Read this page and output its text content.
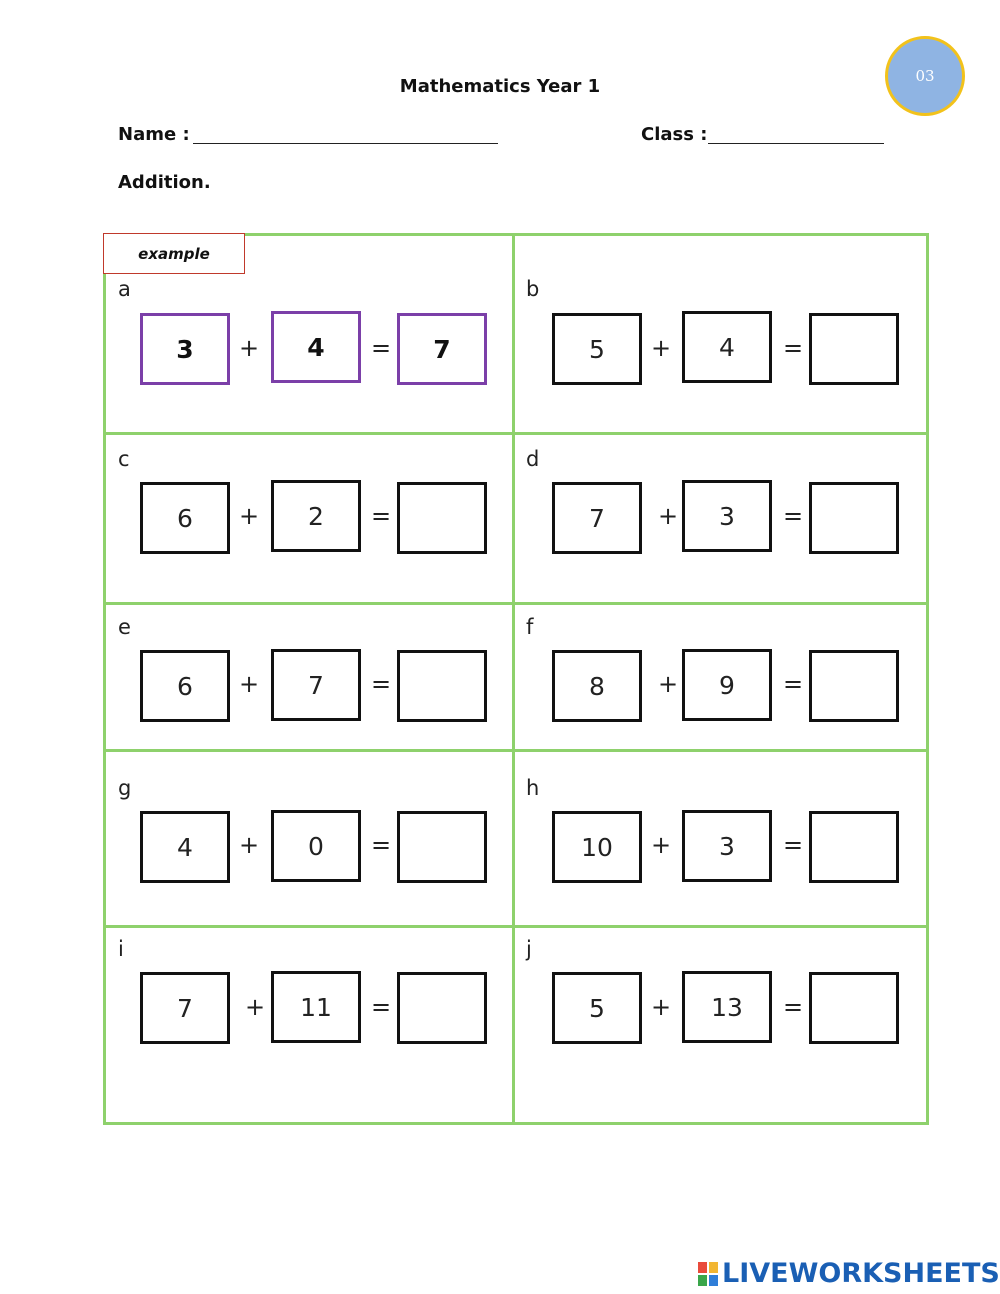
Mathematics Year 1	03
Name :	Class :
Addition.
example
a
3	+	4	=	7
b
5	+	4	=
c
6	+	2	=
d
7	+	3	=
e
6	+	7	=
f
8	+	9	=
g
4	+	0	=
h
10	+	3	=
i
7	+	11	=
j
5	+	13	=
LIVEWORKSHEETS
